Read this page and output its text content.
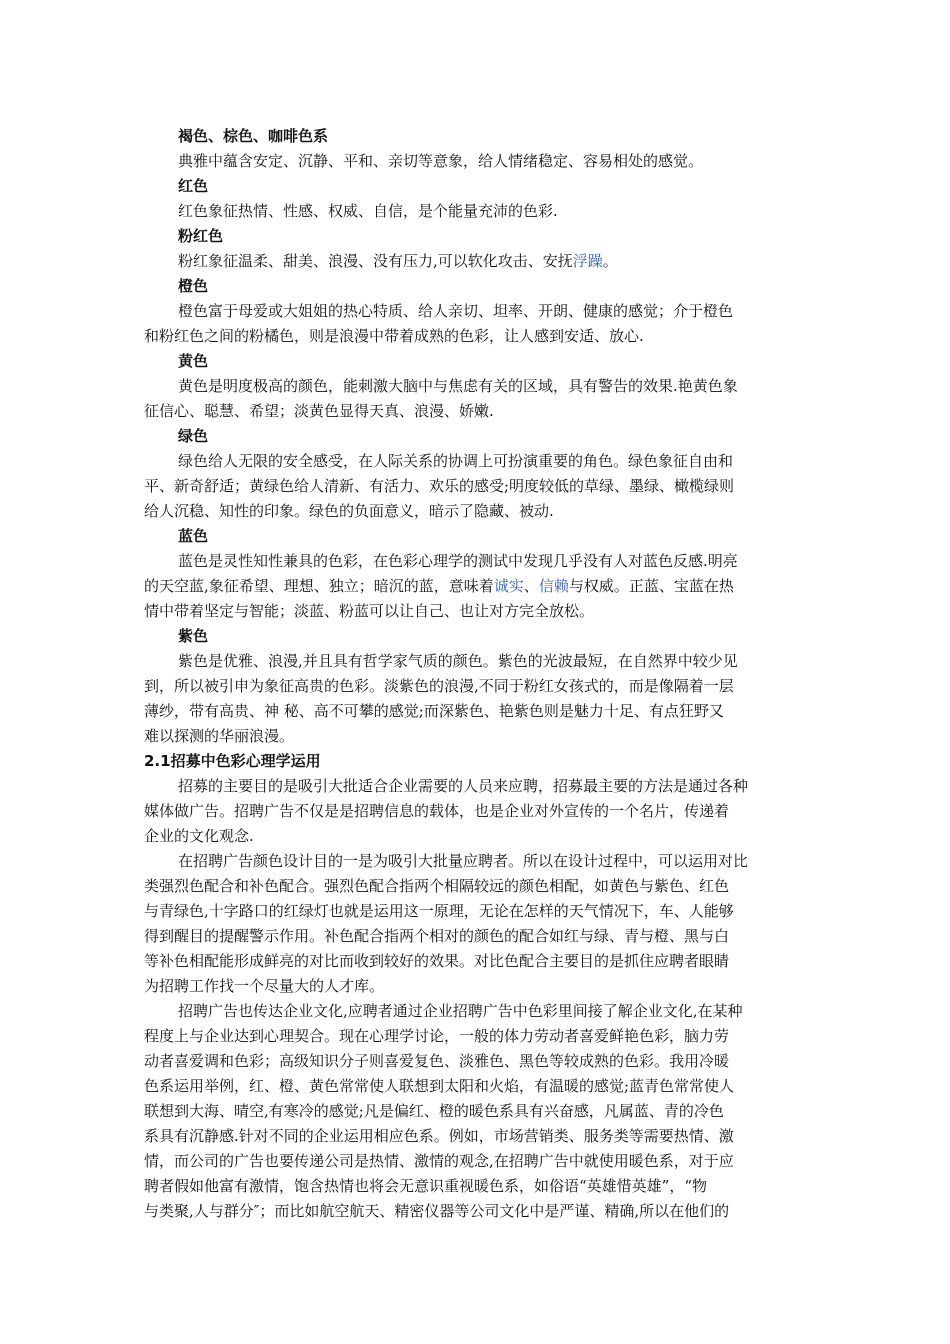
褐色、棕色、咖啡色系
典雅中蕴含安定、沉静、平和、亲切等意象，给人情绪稳定、容易相处的感觉。
红色
红色象征热情、性感、权威、自信，是个能量充沛的色彩.
粉红色
粉红象征温柔、甜美、浪漫、没有压力,可以软化攻击、安抚浮躁。
橙色
橙色富于母爱或大姐姐的热心特质、给人亲切、坦率、开朗、健康的感觉；介于橙色
和粉红色之间的粉橘色，则是浪漫中带着成熟的色彩，让人感到安适、放心.
黄色
黄色是明度极高的颜色，能刺激大脑中与焦虑有关的区域，具有警告的效果.艳黄色象
征信心、聪慧、希望；淡黄色显得天真、浪漫、娇嫩.
绿色
绿色给人无限的安全感受，在人际关系的协调上可扮演重要的角色。绿色象征自由和
平、新奇舒适；黄绿色给人清新、有活力、欢乐的感受;明度较低的草绿、墨绿、橄榄绿则
给人沉稳、知性的印象。绿色的负面意义，暗示了隐藏、被动.
蓝色
蓝色是灵性知性兼具的色彩，在色彩心理学的测试中发现几乎没有人对蓝色反感.明亮
的天空蓝,象征希望、理想、独立；暗沉的蓝，意味着诚实、信赖与权威。正蓝、宝蓝在热
情中带着坚定与智能；淡蓝、粉蓝可以让自己、也让对方完全放松。
紫色
紫色是优雅、浪漫,并且具有哲学家气质的颜色。紫色的光波最短，在自然界中较少见
到，所以被引申为象征高贵的色彩。淡紫色的浪漫,不同于粉红女孩式的，而是像隔着一层
薄纱，带有高贵、神 秘、高不可攀的感觉;而深紫色、艳紫色则是魅力十足、有点狂野又
难以探测的华丽浪漫。
2.1招募中色彩心理学运用
招募的主要目的是吸引大批适合企业需要的人员来应聘，招募最主要的方法是通过各种
媒体做广告。招聘广告不仅是是招聘信息的载体，也是企业对外宣传的一个名片，传递着
企业的文化观念.
在招聘广告颜色设计目的一是为吸引大批量应聘者。所以在设计过程中，可以运用对比
类强烈色配合和补色配合。强烈色配合指两个相隔较远的颜色相配，如黄色与紫色、红色
与青绿色,十字路口的红绿灯也就是运用这一原理，无论在怎样的天气情况下，车、人能够
得到醒目的提醒警示作用。补色配合指两个相对的颜色的配合如红与绿、青与橙、黑与白
等补色相配能形成鲜亮的对比而收到较好的效果。对比色配合主要目的是抓住应聘者眼睛
为招聘工作找一个尽量大的人才库。
招聘广告也传达企业文化,应聘者通过企业招聘广告中色彩里间接了解企业文化,在某种
程度上与企业达到心理契合。现在心理学讨论，一般的体力劳动者喜爱鲜艳色彩，脑力劳
动者喜爱调和色彩；高级知识分子则喜爱复色、淡雅色、黑色等较成熟的色彩。我用冷暖
色系运用举例，红、橙、黄色常常使人联想到太阳和火焰，有温暖的感觉;蓝青色常常使人
联想到大海、晴空,有寒冷的感觉;凡是偏红、橙的暖色系具有兴奋感，凡属蓝、青的冷色
系具有沉静感.针对不同的企业运用相应色系。例如，市场营销类、服务类等需要热情、激
情，而公司的广告也要传递公司是热情、激情的观念,在招聘广告中就使用暖色系，对于应
聘者假如他富有激情，饱含热情也将会无意识重视暖色系，如俗语“英雄惜英雄”，“物
与类聚,人与群分″；而比如航空航天、精密仪器等公司文化中是严谨、精确,所以在他们的
